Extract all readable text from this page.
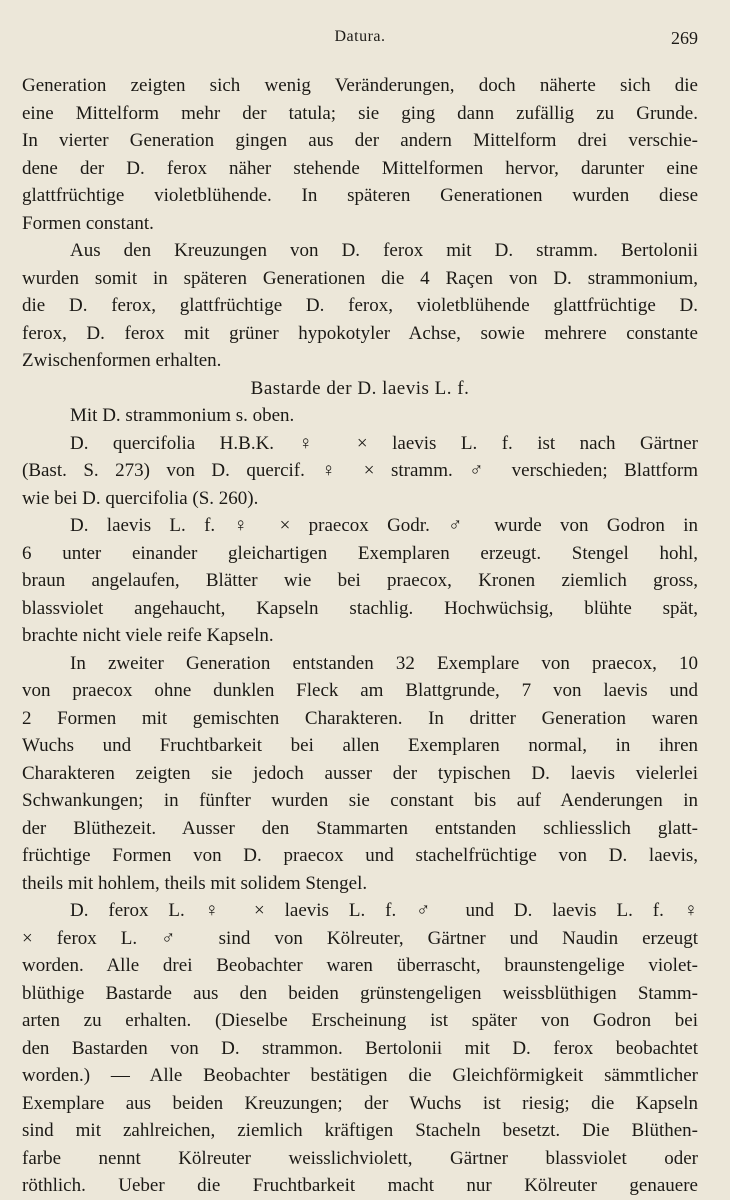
Datura.	269
Generation zeigten sich wenig Veränderungen, doch näherte sich die
eine Mittelform mehr der tatula; sie ging dann zufällig zu Grunde.
In vierter Generation gingen aus der andern Mittelform drei verschie-
dene der D. ferox näher stehende Mittelformen hervor, darunter eine
glattfrüchtige violetblühende. In späteren Generationen wurden diese
Formen constant.
Aus den Kreuzungen von D. ferox mit D. stramm. Bertolonii
wurden somit in späteren Generationen die 4 Raçen von D. strammonium,
die D. ferox, glattfrüchtige D. ferox, violetblühende glattfrüchtige D.
ferox, D. ferox mit grüner hypokotyler Achse, sowie mehrere constante
Zwischenformen erhalten.
Bastarde der D. laevis L. f.
Mit D. strammonium s. oben.
D. quercifolia H.B.K. ♀ × laevis L. f. ist nach Gärtner
(Bast. S. 273) von D. quercif. ♀ × stramm. ♂ verschieden; Blattform
wie bei D. quercifolia (S. 260).
D. laevis L. f. ♀ × praecox Godr. ♂ wurde von Godron in
6 unter einander gleichartigen Exemplaren erzeugt. Stengel hohl,
braun angelaufen, Blätter wie bei praecox, Kronen ziemlich gross,
blassviolet angehaucht, Kapseln stachlig. Hochwüchsig, blühte spät,
brachte nicht viele reife Kapseln.
In zweiter Generation entstanden 32 Exemplare von praecox, 10
von praecox ohne dunklen Fleck am Blattgrunde, 7 von laevis und
2 Formen mit gemischten Charakteren. In dritter Generation waren
Wuchs und Fruchtbarkeit bei allen Exemplaren normal, in ihren
Charakteren zeigten sie jedoch ausser der typischen D. laevis vielerlei
Schwankungen; in fünfter wurden sie constant bis auf Aenderungen in
der Blüthezeit. Ausser den Stammarten entstanden schliesslich glatt-
früchtige Formen von D. praecox und stachelfrüchtige von D. laevis,
theils mit hohlem, theils mit solidem Stengel.
D. ferox L. ♀ × laevis L. f. ♂ und D. laevis L. f. ♀
× ferox L. ♂ sind von Kölreuter, Gärtner und Naudin erzeugt
worden. Alle drei Beobachter waren überrascht, braunstengelige violet-
blüthige Bastarde aus den beiden grünstengeligen weissblüthigen Stamm-
arten zu erhalten. (Dieselbe Erscheinung ist später von Godron bei
den Bastarden von D. strammon. Bertolonii mit D. ferox beobachtet
worden.) — Alle Beobachter bestätigen die Gleichförmigkeit sämmtlicher
Exemplare aus beiden Kreuzungen; der Wuchs ist riesig; die Kapseln
sind mit zahlreichen, ziemlich kräftigen Stacheln besetzt. Die Blüthen-
farbe nennt Kölreuter weisslichviolett, Gärtner blassviolet oder
röthlich. Ueber die Fruchtbarkeit macht nur Kölreuter genauere
